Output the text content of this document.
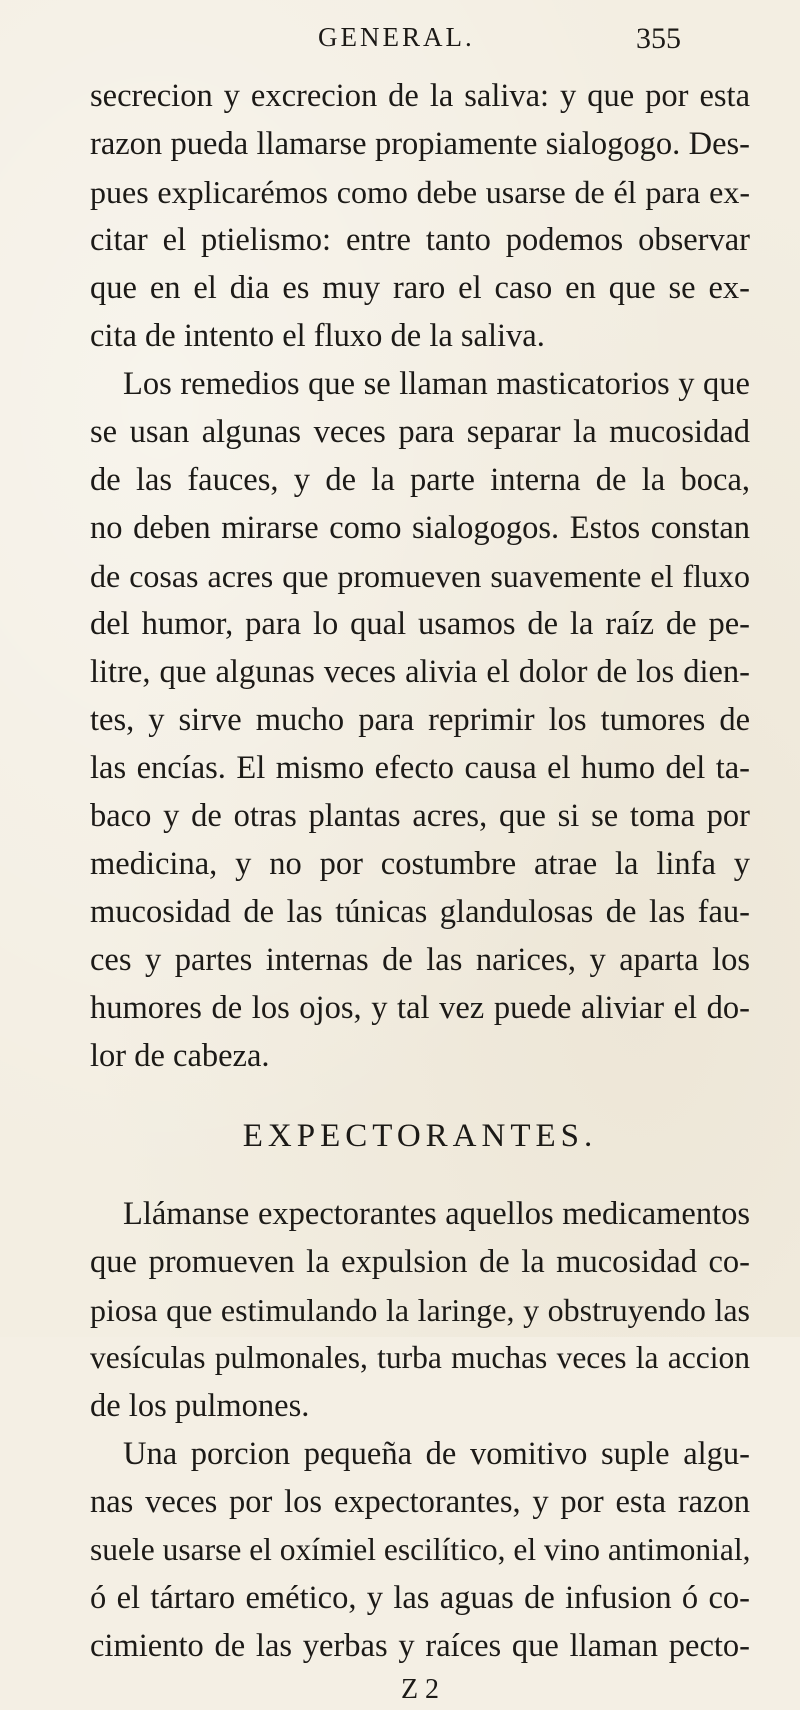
GENERAL.	355
secrecion y excrecion de la saliva: y que por esta
razon pueda llamarse propiamente sialogogo. Des-
pues explicarémos como debe usarse de él para ex-
citar el ptielismo: entre tanto podemos observar
que en el dia es muy raro el caso en que se ex-
cita de intento el fluxo de la saliva.
Los remedios que se llaman masticatorios y que
se usan algunas veces para separar la mucosidad
de las fauces, y de la parte interna de la boca,
no deben mirarse como sialogogos. Estos constan
de cosas acres que promueven suavemente el fluxo
del humor, para lo qual usamos de la raíz de pe-
litre, que algunas veces alivia el dolor de los dien-
tes, y sirve mucho para reprimir los tumores de
las encías. El mismo efecto causa el humo del ta-
baco y de otras plantas acres, que si se toma por
medicina, y no por costumbre atrae la linfa y
mucosidad de las túnicas glandulosas de las fau-
ces y partes internas de las narices, y aparta los
humores de los ojos, y tal vez puede aliviar el do-
lor de cabeza.
EXPECTORANTES.
Llámanse expectorantes aquellos medicamentos
que promueven la expulsion de la mucosidad co-
piosa que estimulando la laringe, y obstruyendo las
vesículas pulmonales, turba muchas veces la accion
de los pulmones.
Una porcion pequeña de vomitivo suple algu-
nas veces por los expectorantes, y por esta razon
suele usarse el oxímiel escilítico, el vino antimonial,
ó el tártaro emético, y las aguas de infusion ó co-
cimiento de las yerbas y raíces que llaman pecto-
Z 2
